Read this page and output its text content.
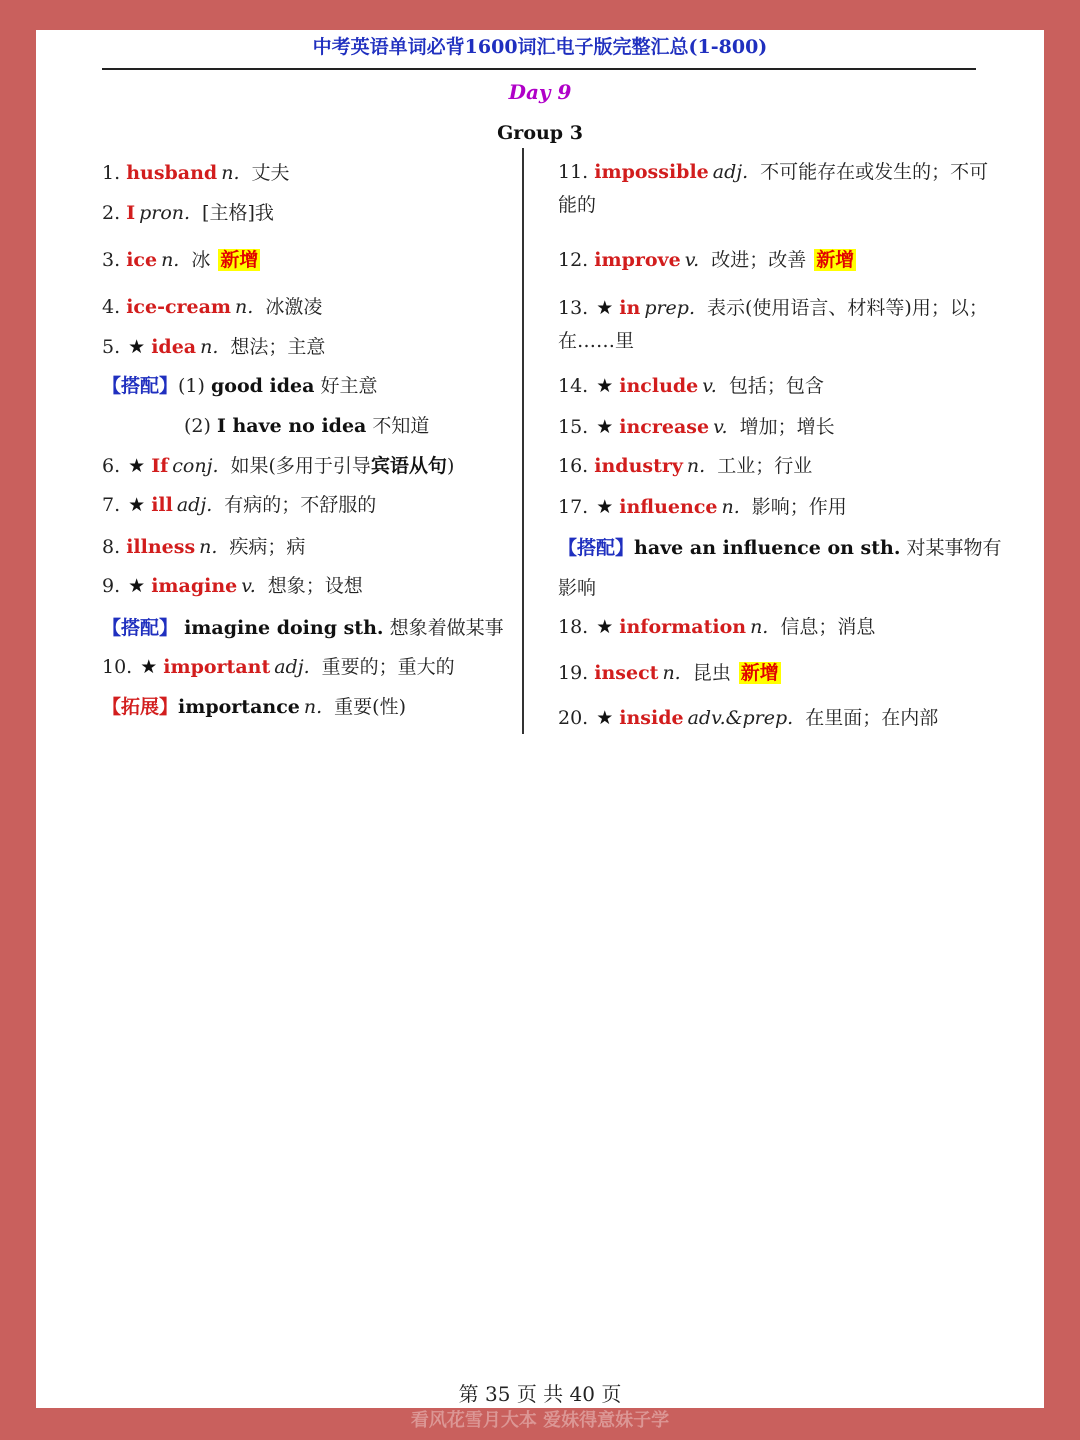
中考英语单词必背1600词汇电子版完整汇总(1-800)
Day 9
Group 3
1. husband n. 丈夫
2. I pron. [主格]我
3. ice n. 冰 新增
4. ice-cream n. 冰激凌
5. ★ idea n. 想法；主意
【搭配】(1) good idea 好主意
(2) I have no idea 不知道
6. ★ If conj. 如果(多用于引导宾语从句)
7. ★ ill adj. 有病的；不舒服的
8. illness n. 疾病；病
9. ★ imagine v. 想象；设想
【搭配】 imagine doing sth. 想象着做某事
10. ★ important adj. 重要的；重大的
【拓展】importance n. 重要(性)
11. impossible adj. 不可能存在或发生的；不可
能的
12. improve v. 改进；改善 新增
13. ★ in prep. 表示(使用语言、材料等)用；以；
在……里
14. ★ include v. 包括；包含
15. ★ increase v. 增加；增长
16. industry n. 工业；行业
17. ★ influence n. 影响；作用
【搭配】have an influence on sth. 对某事物有
影响
18. ★ information n. 信息；消息
19. insect n. 昆虫 新增
20. ★ inside adv.&prep. 在里面；在内部
第 35 页 共 40 页
看风花雪月大本 爱妹得意妹子学
